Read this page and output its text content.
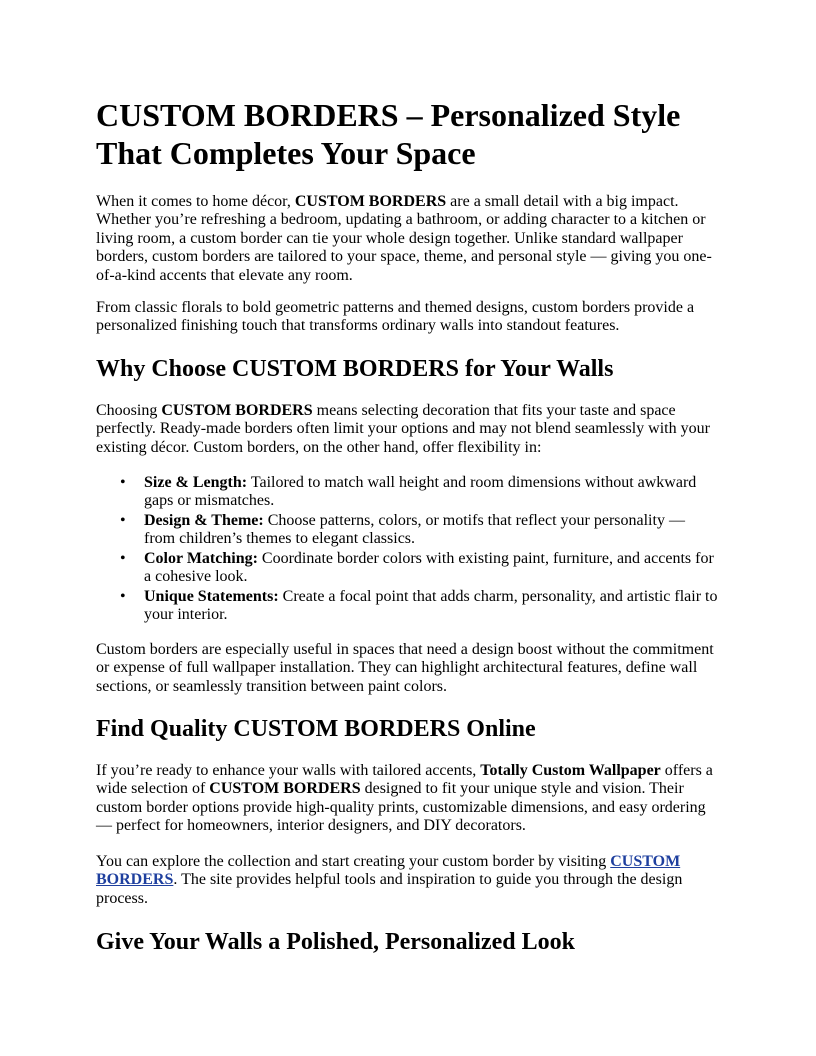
CUSTOM BORDERS – Personalized Style That Completes Your Space

When it comes to home décor, CUSTOM BORDERS are a small detail with a big impact. Whether you’re refreshing a bedroom, updating a bathroom, or adding character to a kitchen or living room, a custom border can tie your whole design together. Unlike standard wallpaper borders, custom borders are tailored to your space, theme, and personal style — giving you one-of-a-kind accents that elevate any room.

From classic florals to bold geometric patterns and themed designs, custom borders provide a personalized finishing touch that transforms ordinary walls into standout features.

Why Choose CUSTOM BORDERS for Your Walls

Choosing CUSTOM BORDERS means selecting decoration that fits your taste and space perfectly. Ready-made borders often limit your options and may not blend seamlessly with your existing décor. Custom borders, on the other hand, offer flexibility in:

• Size & Length: Tailored to match wall height and room dimensions without awkward gaps or mismatches.
• Design & Theme: Choose patterns, colors, or motifs that reflect your personality — from children’s themes to elegant classics.
• Color Matching: Coordinate border colors with existing paint, furniture, and accents for a cohesive look.
• Unique Statements: Create a focal point that adds charm, personality, and artistic flair to your interior.

Custom borders are especially useful in spaces that need a design boost without the commitment or expense of full wallpaper installation. They can highlight architectural features, define wall sections, or seamlessly transition between paint colors.

Find Quality CUSTOM BORDERS Online

If you’re ready to enhance your walls with tailored accents, Totally Custom Wallpaper offers a wide selection of CUSTOM BORDERS designed to fit your unique style and vision. Their custom border options provide high-quality prints, customizable dimensions, and easy ordering — perfect for homeowners, interior designers, and DIY decorators.

You can explore the collection and start creating your custom border by visiting CUSTOM BORDERS. The site provides helpful tools and inspiration to guide you through the design process.

Give Your Walls a Polished, Personalized Look
